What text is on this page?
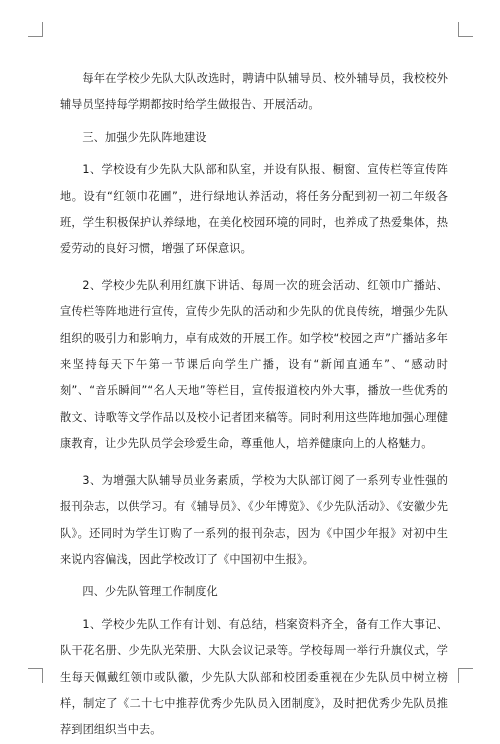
每年在学校少先队大队改选时，聘请中队辅导员、校外辅导员，我校校外辅导员坚持每学期都按时给学生做报告、开展活动。

三、加强少先队阵地建设

1、学校设有少先队大队部和队室，并设有队报、橱窗、宣传栏等宣传阵地。设有“红领巾花圃”，进行绿地认养活动，将任务分配到初一初二年级各班，学生积极保护认养绿地，在美化校园环境的同时，也养成了热爱集体，热爱劳动的良好习惯，增强了环保意识。

2、学校少先队利用红旗下讲话、每周一次的班会活动、红领巾广播站、宣传栏等阵地进行宣传，宣传少先队的活动和少先队的优良传统，增强少先队组织的吸引力和影响力，卓有成效的开展工作。如学校“校园之声”广播站多年来坚持每天下午第一节课后向学生广播，设有“新闻直通车”、“感动时刻”、“音乐瞬间”“名人天地”等栏目，宣传报道校内外大事，播放一些优秀的散文、诗歌等文学作品以及校小记者团来稿等。同时利用这些阵地加强心理健康教育，让少先队员学会珍爱生命，尊重他人，培养健康向上的人格魅力。

3、为增强大队辅导员业务素质，学校为大队部订阅了一系列专业性强的报刊杂志，以供学习。有《辅导员》、《少年博览》、《少先队活动》、《安徽少先队》。还同时为学生订购了一系列的报刊杂志，因为《中国少年报》对初中生来说内容偏浅，因此学校改订了《中国初中生报》。

四、少先队管理工作制度化

1、学校少先队工作有计划、有总结，档案资料齐全，备有工作大事记、队干花名册、少先队光荣册、大队会议记录等。学校每周一举行升旗仪式，学生每天佩戴红领巾或队徽，少先队大队部和校团委重视在少先队员中树立榜样，制定了《二十七中推荐优秀少先队员入团制度》，及时把优秀少先队员推荐到团组织当中去。
